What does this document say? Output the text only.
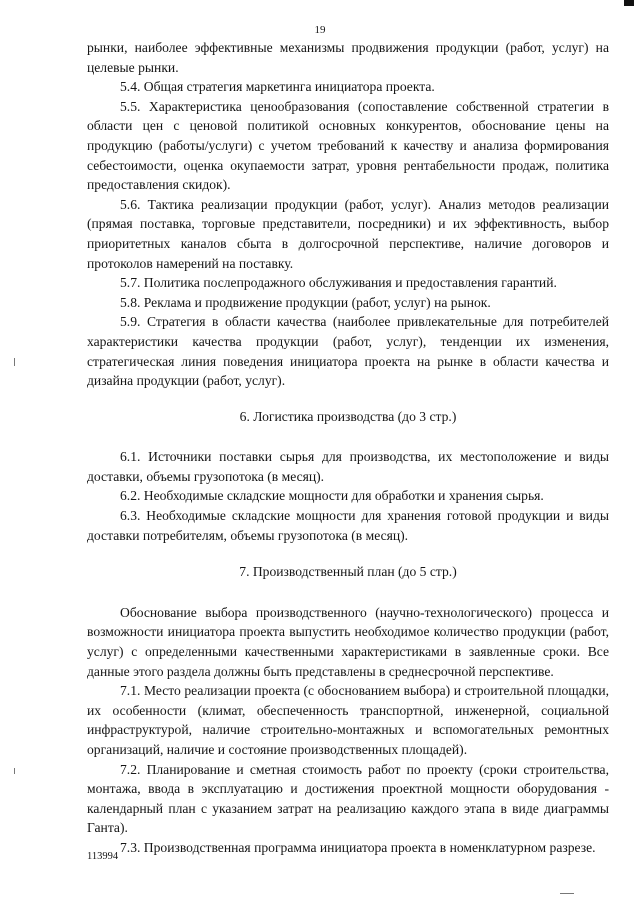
19

рынки, наиболее эффективные механизмы продвижения продукции (работ, услуг) на целевые рынки.

5.4. Общая стратегия маркетинга инициатора проекта.

5.5. Характеристика ценообразования (сопоставление собственной стратегии в области цен с ценовой политикой основных конкурентов, обоснование цены на продукцию (работы/услуги) с учетом требований к качеству и анализа формирования себестоимости, оценка окупаемости затрат, уровня рентабельности продаж, политика предоставления скидок).

5.6. Тактика реализации продукции (работ, услуг). Анализ методов реализации (прямая поставка, торговые представители, посредники) и их эффективность, выбор приоритетных каналов сбыта в долгосрочной перспективе, наличие договоров и протоколов намерений на поставку.

5.7. Политика послепродажного обслуживания и предоставления гарантий.

5.8. Реклама и продвижение продукции (работ, услуг) на рынок.

5.9. Стратегия в области качества (наиболее привлекательные для потребителей характеристики качества продукции (работ, услуг), тенденции их изменения, стратегическая линия поведения инициатора проекта на рынке в области качества и дизайна продукции (работ, услуг).

6. Логистика производства (до 3 стр.)

6.1. Источники поставки сырья для производства, их местоположение и виды доставки, объемы грузопотока (в месяц).

6.2. Необходимые складские мощности для обработки и хранения сырья.

6.3. Необходимые складские мощности для хранения готовой продукции и виды доставки потребителям, объемы грузопотока (в месяц).

7. Производственный план (до 5 стр.)

Обоснование выбора производственного (научно-технологического) процесса и возможности инициатора проекта выпустить необходимое количество продукции (работ, услуг) с определенными качественными характеристиками в заявленные сроки. Все данные этого раздела должны быть представлены в среднесрочной перспективе.

7.1. Место реализации проекта (с обоснованием выбора) и строительной площадки, их особенности (климат, обеспеченность транспортной, инженерной, социальной инфраструктурой, наличие строительно-монтажных и вспомогательных ремонтных организаций, наличие и состояние производственных площадей).

7.2. Планирование и сметная стоимость работ по проекту (сроки строительства, монтажа, ввода в эксплуатацию и достижения проектной мощности оборудования - календарный план с указанием затрат на реализацию каждого этапа в виде диаграммы Ганта).

7.3. Производственная программа инициатора проекта в номенклатурном разрезе.

113994
